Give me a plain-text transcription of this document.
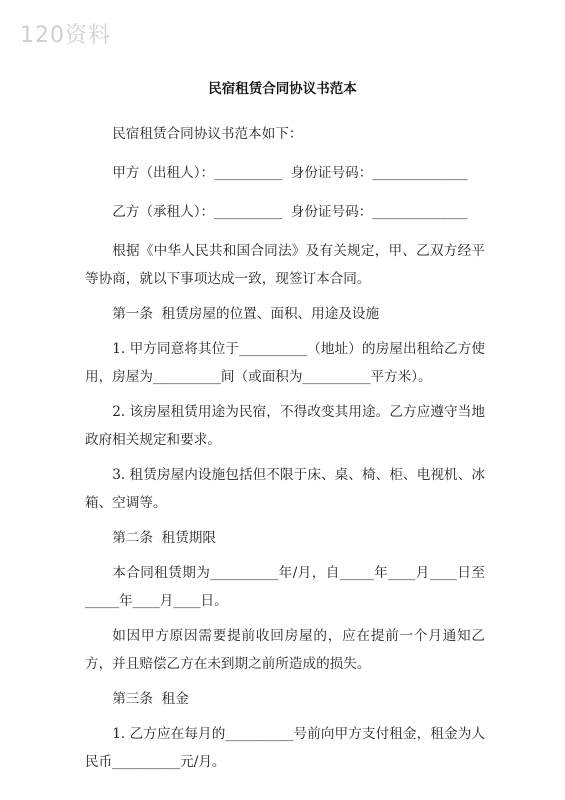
120资料
民宿租赁合同协议书范本

民宿租赁合同协议书范本如下：

甲方（出租人）：__________  身份证号码：______________

乙方（承租人）：__________  身份证号码：______________

根据《中华人民共和国合同法》及有关规定，甲、乙双方经平等协商，就以下事项达成一致，现签订本合同。

第一条  租赁房屋的位置、面积、用途及设施

1. 甲方同意将其位于__________（地址）的房屋出租给乙方使用，房屋为__________间（或面积为__________平方米）。

2. 该房屋租赁用途为民宿，不得改变其用途。乙方应遵守当地政府相关规定和要求。

3. 租赁房屋内设施包括但不限于床、桌、椅、柜、电视机、冰箱、空调等。

第二条  租赁期限

本合同租赁期为__________年/月，自_____年____月____日至_____年____月____日。

如因甲方原因需要提前收回房屋的，应在提前一个月通知乙方，并且赔偿乙方在未到期之前所造成的损失。

第三条  租金

1. 乙方应在每月的__________号前向甲方支付租金，租金为人民币__________元/月。
